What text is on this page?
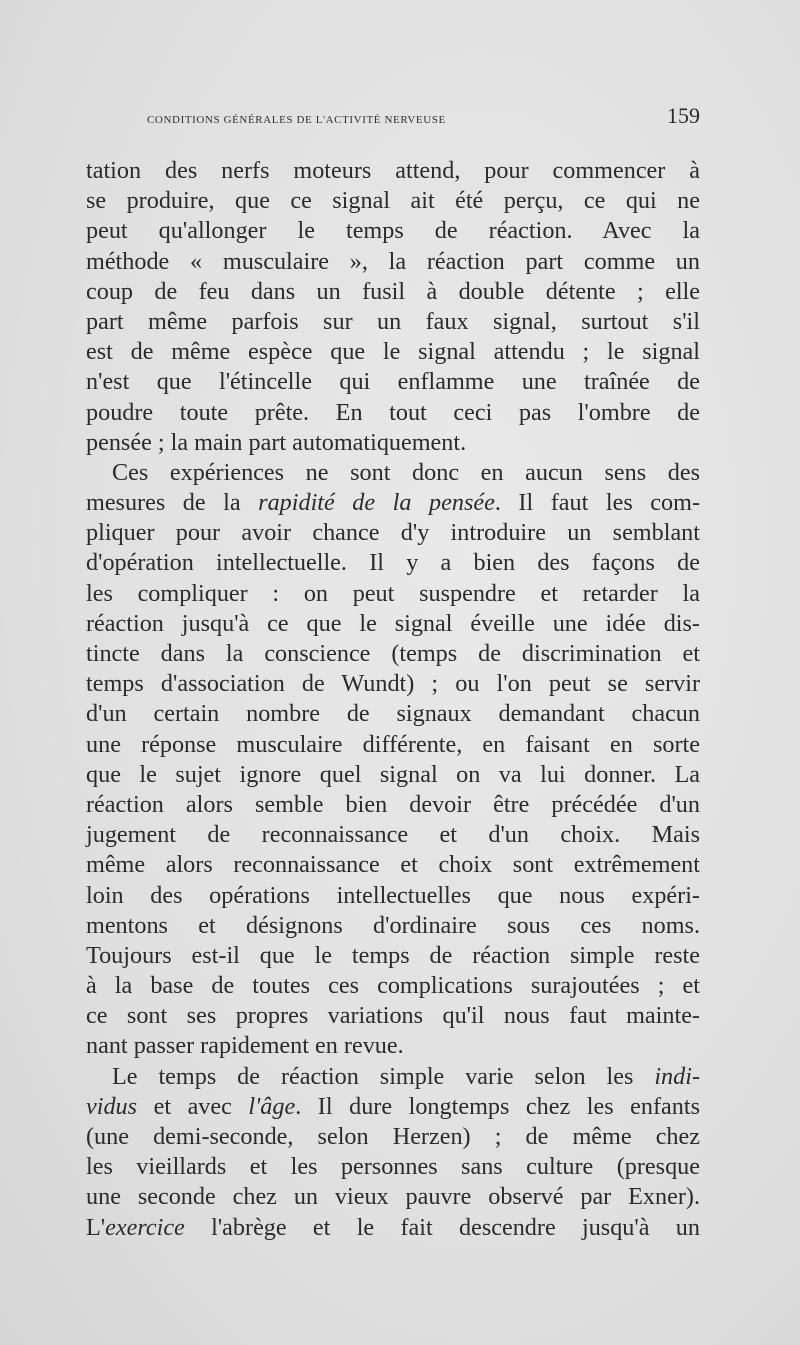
conditions générales de l'activité nerveuse	159
tation des nerfs moteurs attend, pour commencer à
se produire, que ce signal ait été perçu, ce qui ne
peut qu'allonger le temps de réaction. Avec la
méthode « musculaire », la réaction part comme un
coup de feu dans un fusil à double détente ; elle
part même parfois sur un faux signal, surtout s'il
est de même espèce que le signal attendu ; le signal
n'est que l'étincelle qui enflamme une traînée de
poudre toute prête. En tout ceci pas l'ombre de
pensée ; la main part automatiquement.
Ces expériences ne sont donc en aucun sens des
mesures de la rapidité de la pensée. Il faut les com-
pliquer pour avoir chance d'y introduire un semblant
d'opération intellectuelle. Il y a bien des façons de
les compliquer : on peut suspendre et retarder la
réaction jusqu'à ce que le signal éveille une idée dis-
tincte dans la conscience (temps de discrimination et
temps d'association de Wundt) ; ou l'on peut se servir
d'un certain nombre de signaux demandant chacun
une réponse musculaire différente, en faisant en sorte
que le sujet ignore quel signal on va lui donner. La
réaction alors semble bien devoir être précédée d'un
jugement de reconnaissance et d'un choix. Mais
même alors reconnaissance et choix sont extrêmement
loin des opérations intellectuelles que nous expéri-
mentons et désignons d'ordinaire sous ces noms.
Toujours est-il que le temps de réaction simple reste
à la base de toutes ces complications surajoutées ; et
ce sont ses propres variations qu'il nous faut mainte-
nant passer rapidement en revue.
Le temps de réaction simple varie selon les indi-
vidus et avec l'âge. Il dure longtemps chez les enfants
(une demi-seconde, selon Herzen) ; de même chez
les vieillards et les personnes sans culture (presque
une seconde chez un vieux pauvre observé par Exner).
L'exercice l'abrège et le fait descendre jusqu'à un
